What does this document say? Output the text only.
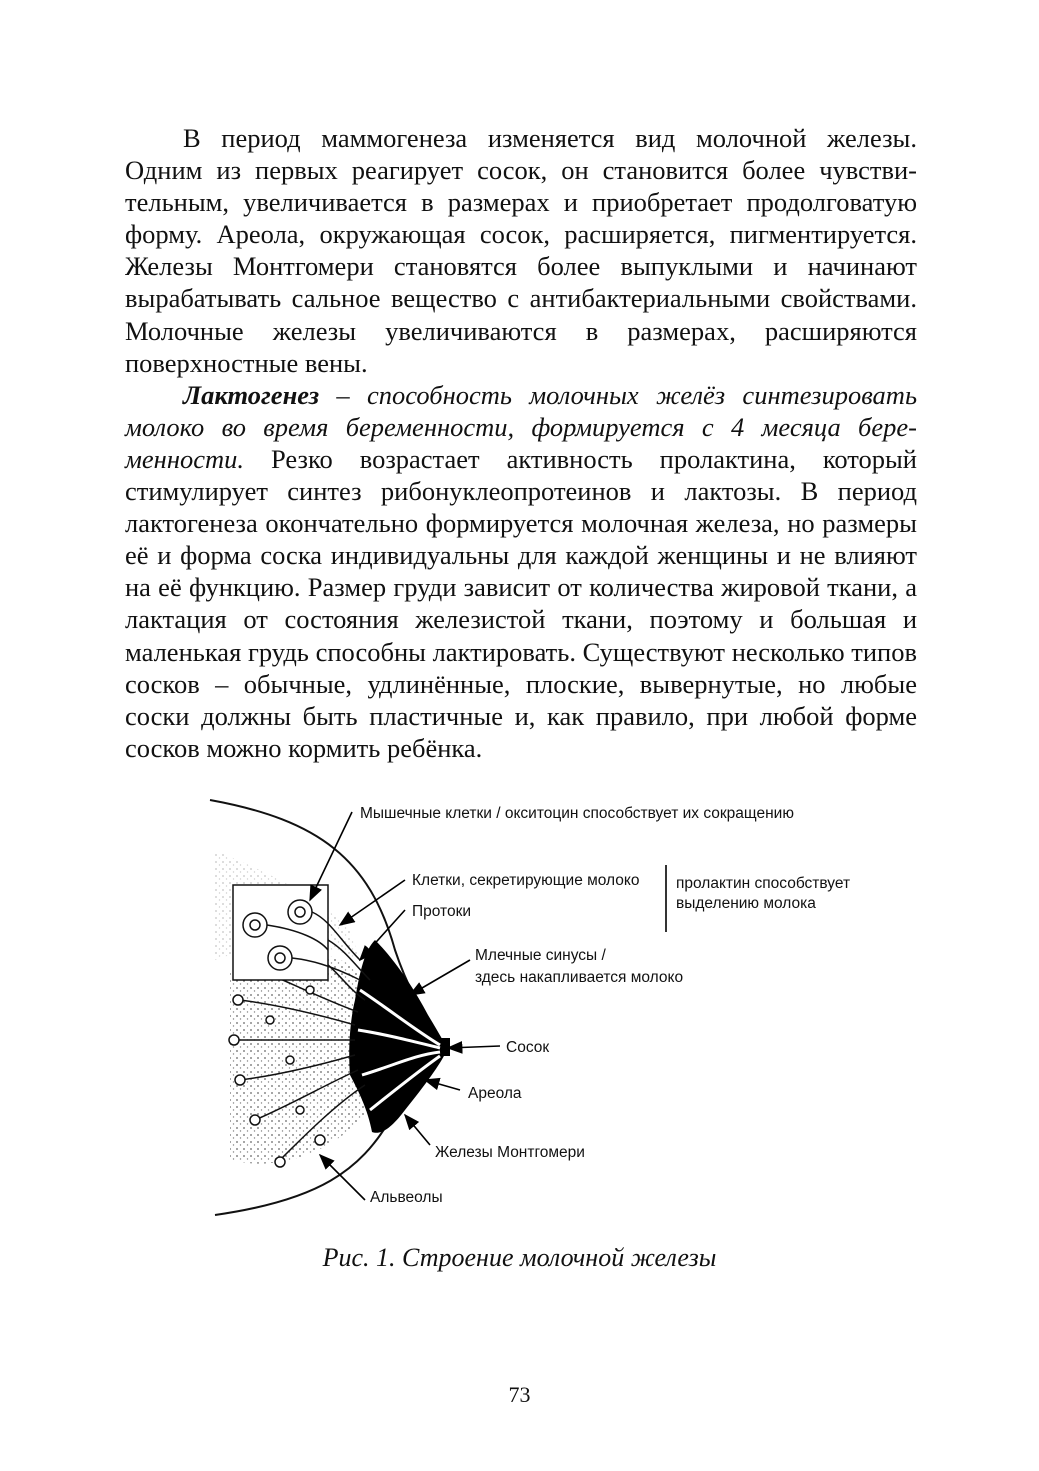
В период маммогенеза изменяется вид молочной железы. Одним из первых реагирует сосок, он становится более чувствительным, увеличивается в размерах и приобретает продолговатую форму. Ареола, окружающая сосок, расширяется, пигментируется. Железы Монтгомери становятся более выпуклыми и начинают вырабатывать сальное вещество с антибактериальными свойствами. Молочные железы увеличиваются в размерах, расширяются поверхностные вены.

Лактогенез – способность молочных желёз синтезировать молоко во время беременности, формируется с 4 месяца беременности. Резко возрастает активность пролактина, который стимулирует синтез рибонуклеопротеинов и лактозы. В период лактогенеза окончательно формируется молочная железа, но размеры её и форма соска индивидуальны для каждой женщины и не влияют на её функцию. Размер груди зависит от количества жировой ткани, а лактация от состояния железистой ткани, поэтому и большая и маленькая грудь способны лактировать. Существуют несколько типов сосков – обычные, удлинённые, плоские, вывернутые, но любые соски должны быть пластичные и, как правило, при любой форме сосков можно кормить ребёнка.

Мышечные клетки / окситоцин способствует их сокращению
Клетки, секретирующие молоко пролактин способствует
выделению молока
Протоки
Млечные синусы /
здесь накапливается молоко
Сосок
Ареола
Железы Монтгомери
Альвеолы
Рис. 1. Строение молочной железы
73
